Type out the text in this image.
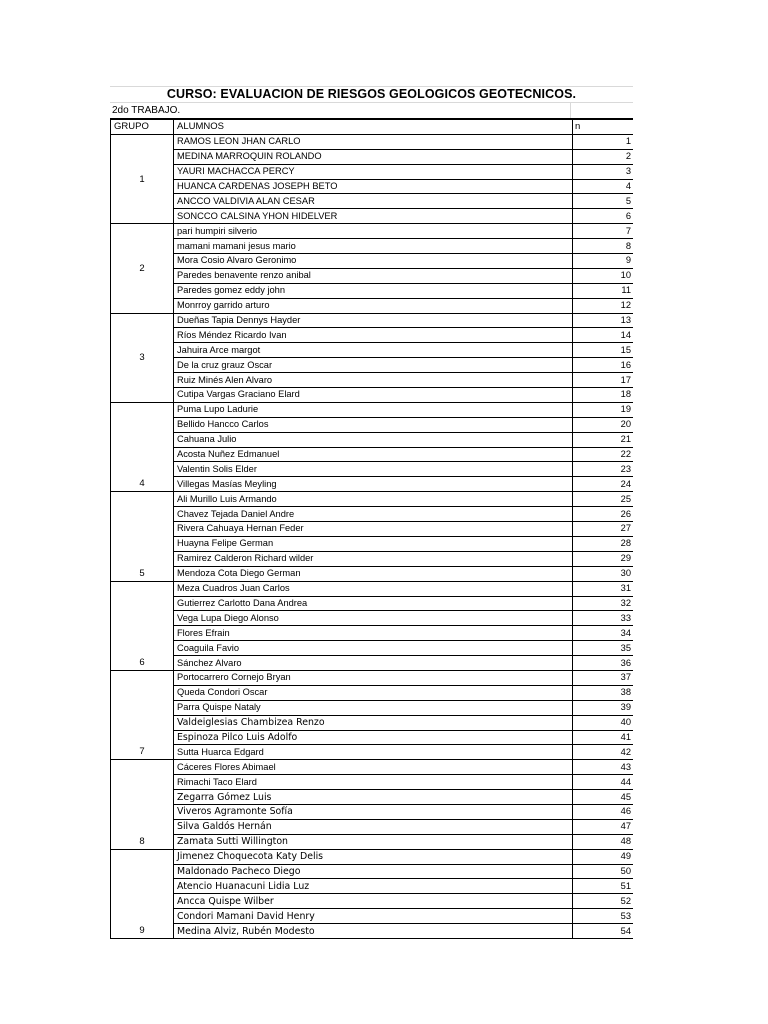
CURSO: EVALUACION DE RIESGOS GEOLOGICOS GEOTECNICOS.
2do TRABAJO.
GRUPO	ALUMNOS	n
1	RAMOS LEON JHAN CARLO	1
	MEDINA MARROQUIN ROLANDO	2
	YAURI MACHACCA PERCY	3
	HUANCA CARDENAS JOSEPH BETO	4
	ANCCO VALDIVIA ALAN CESAR	5
	SONCCO CALSINA YHON HIDELVER	6
2	pari humpiri silverio	7
	mamani mamani jesus mario	8
	Mora Cosio Alvaro Geronimo	9
	Paredes benavente renzo anibal	10
	Paredes gomez eddy john	11
	Monrroy garrido arturo	12
3	Dueñas Tapia Dennys Hayder	13
	Ríos Méndez Ricardo Ivan	14
	Jahuira Arce margot	15
	De la cruz grauz Oscar	16
	Ruiz Minés Alen Alvaro	17
	Cutipa Vargas Graciano Elard	18
4	Puma Lupo Ladurie	19
	Bellido Hancco Carlos	20
	Cahuana Julio	21
	Acosta Nuñez Edmanuel	22
	Valentin Solis Elder	23
	Villegas Masías Meyling	24
5	Ali Murillo Luis Armando	25
	Chavez Tejada Daniel Andre	26
	Rivera Cahuaya Hernan Feder	27
	Huayna Felipe German	28
	Ramirez Calderon Richard wilder	29
	Mendoza Cota Diego German	30
6	Meza Cuadros Juan Carlos	31
	Gutierrez Carlotto Dana Andrea	32
	Vega Lupa Diego Alonso	33
	Flores Efrain	34
	Coaguila Favio	35
	Sánchez Alvaro	36
7	Portocarrero Cornejo Bryan	37
	Queda Condori Oscar	38
	Parra Quispe Nataly	39
	Valdeiglesias Chambizea Renzo	40
	Espinoza Pilco Luis Adolfo	41
	Sutta Huarca Edgard	42
8	Cáceres Flores Abimael	43
	Rimachi Taco Elard	44
	Zegarra Gómez Luis	45
	Viveros Agramonte Sofía	46
	Silva Galdós Hernán	47
	Zamata Sutti Willington	48
9	Jimenez Choquecota Katy Delis	49
	Maldonado Pacheco Diego	50
	Atencio Huanacuni Lidia Luz	51
	Ancca Quispe Wilber	52
	Condori Mamani David Henry	53
	Medina Alviz, Rubén Modesto	54
